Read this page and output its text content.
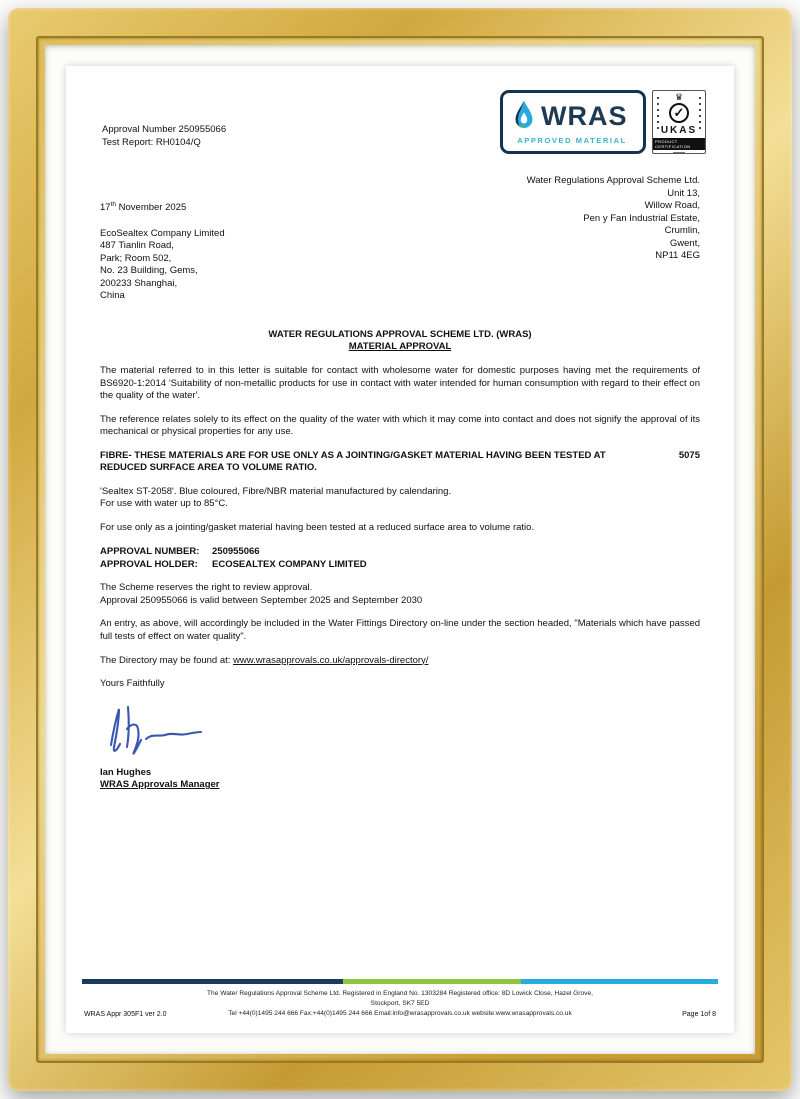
Approval Number 250955066
Test Report: RH0104/Q
WRAS
APPROVED MATERIAL
♛
✓
UKAS
PRODUCT CERTIFICATION
17th November 2025
EcoSealtex Company Limited
487 Tianlin Road,
Park; Room 502,
No. 23 Building, Gems,
200233 Shanghai,
China
Water Regulations Approval Scheme Ltd.
Unit 13,
Willow Road,
Pen y Fan Industrial Estate,
Crumlin,
Gwent,
NP11 4EG
WATER REGULATIONS APPROVAL SCHEME LTD. (WRAS)
MATERIAL APPROVAL
The material referred to in this letter is suitable for contact with wholesome water for domestic purposes having met the requirements of BS6920-1:2014 'Suitability of non-metallic products for use in contact with water intended for human consumption with regard to their effect on the quality of the water'.
The reference relates solely to its effect on the quality of the water with which it may come into contact and does not signify the approval of its mechanical or physical properties for any use.
FIBRE- THESE MATERIALS ARE FOR USE ONLY AS A JOINTING/GASKET MATERIAL HAVING BEEN TESTED AT	5075
REDUCED SURFACE AREA TO VOLUME RATIO.
'Sealtex ST-2058'. Blue coloured, Fibre/NBR material manufactured by calendaring.
For use with water up to 85°C.
For use only as a jointing/gasket material having been tested at a reduced surface area to volume ratio.
APPROVAL NUMBER:	250955066
APPROVAL HOLDER:	ECOSEALTEX COMPANY LIMITED
The Scheme reserves the right to review approval.
Approval 250955066 is valid between September 2025 and September 2030
An entry, as above, will accordingly be included in the Water Fittings Directory on-line under the section headed, "Materials which have passed full tests of effect on water quality".
The Directory may be found at: www.wrasapprovals.co.uk/approvals-directory/
Yours Faithfully
Ian Hughes
WRAS Approvals Manager
WRAS Appr 305F1 ver 2.0
The Water Regulations Approval Scheme Ltd. Registered in England No. 1303284 Registered office: 8D Lowick Close, Hazel Grove, Stockport, SK7 5ED
Tel +44(0)1495 244 666 Fax:+44(0)1495 244 666 Email:info@wrasapprovals.co.uk website:www.wrasapprovals.co.uk	Page 1of 8
